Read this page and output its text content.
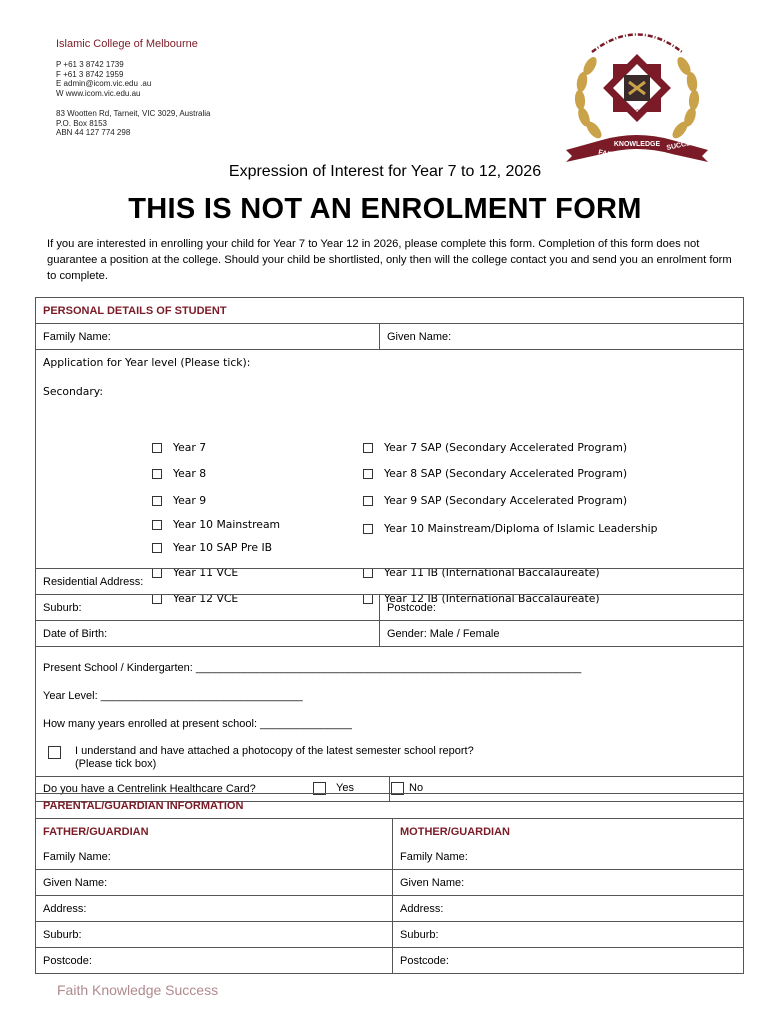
Islamic College of Melbourne
P +61 3 8742 1739
F +61 3 8742 1959
E admin@icom.vic.edu .au
W www.icom.vic.edu.au
83 Wootten Rd, Tarneit, VIC 3029, Australia
P.O. Box 8153
ABN 44 127 774 298
ICOM
FAITH
KNOWLEDGE SUCCESS
Expression of Interest for Year 7 to 12, 2026
THIS IS NOT AN ENROLMENT FORM
If you are interested in enrolling your child for Year 7 to Year 12 in 2026, please complete this form. Completion of this form does not guarantee a position at the college. Should your child be shortlisted, only then will the college contact you and send you an enrolment form to complete.
PERSONAL DETAILS OF STUDENT
Family Name:	Given Name:
Application for Year level (Please tick):
Secondary:
Year 7
Year 8
Year 9
Year 10 Mainstream
Year 10 SAP Pre IB
Year 11 VCE
Year 12 VCE
Year 7 SAP (Secondary Accelerated Program)
Year 8 SAP (Secondary Accelerated Program)
Year 9 SAP (Secondary Accelerated Program)
Year 10 Mainstream/Diploma of Islamic Leadership
Year 11 IB (International Baccalaureate)
Year 12 IB (International Baccalaureate)
Residential Address:
Suburb:	Postcode:
Date of Birth:	Gender: Male / Female
Present School / Kindergarten: _______________________________________________________________
Year Level: _________________________________
How many years enrolled at present school: _______________
I understand and have attached a photocopy of the latest semester school report?
(Please tick box)
Do you have a Centrelink Healthcare Card?	Yes	No
PARENTAL/GUARDIAN INFORMATION
FATHER/GUARDIAN	MOTHER/GUARDIAN
Family Name:	Family Name:
Given Name:	Given Name:
Address:	Address:
Suburb:	Suburb:
Postcode:	Postcode:
Faith Knowledge Success
